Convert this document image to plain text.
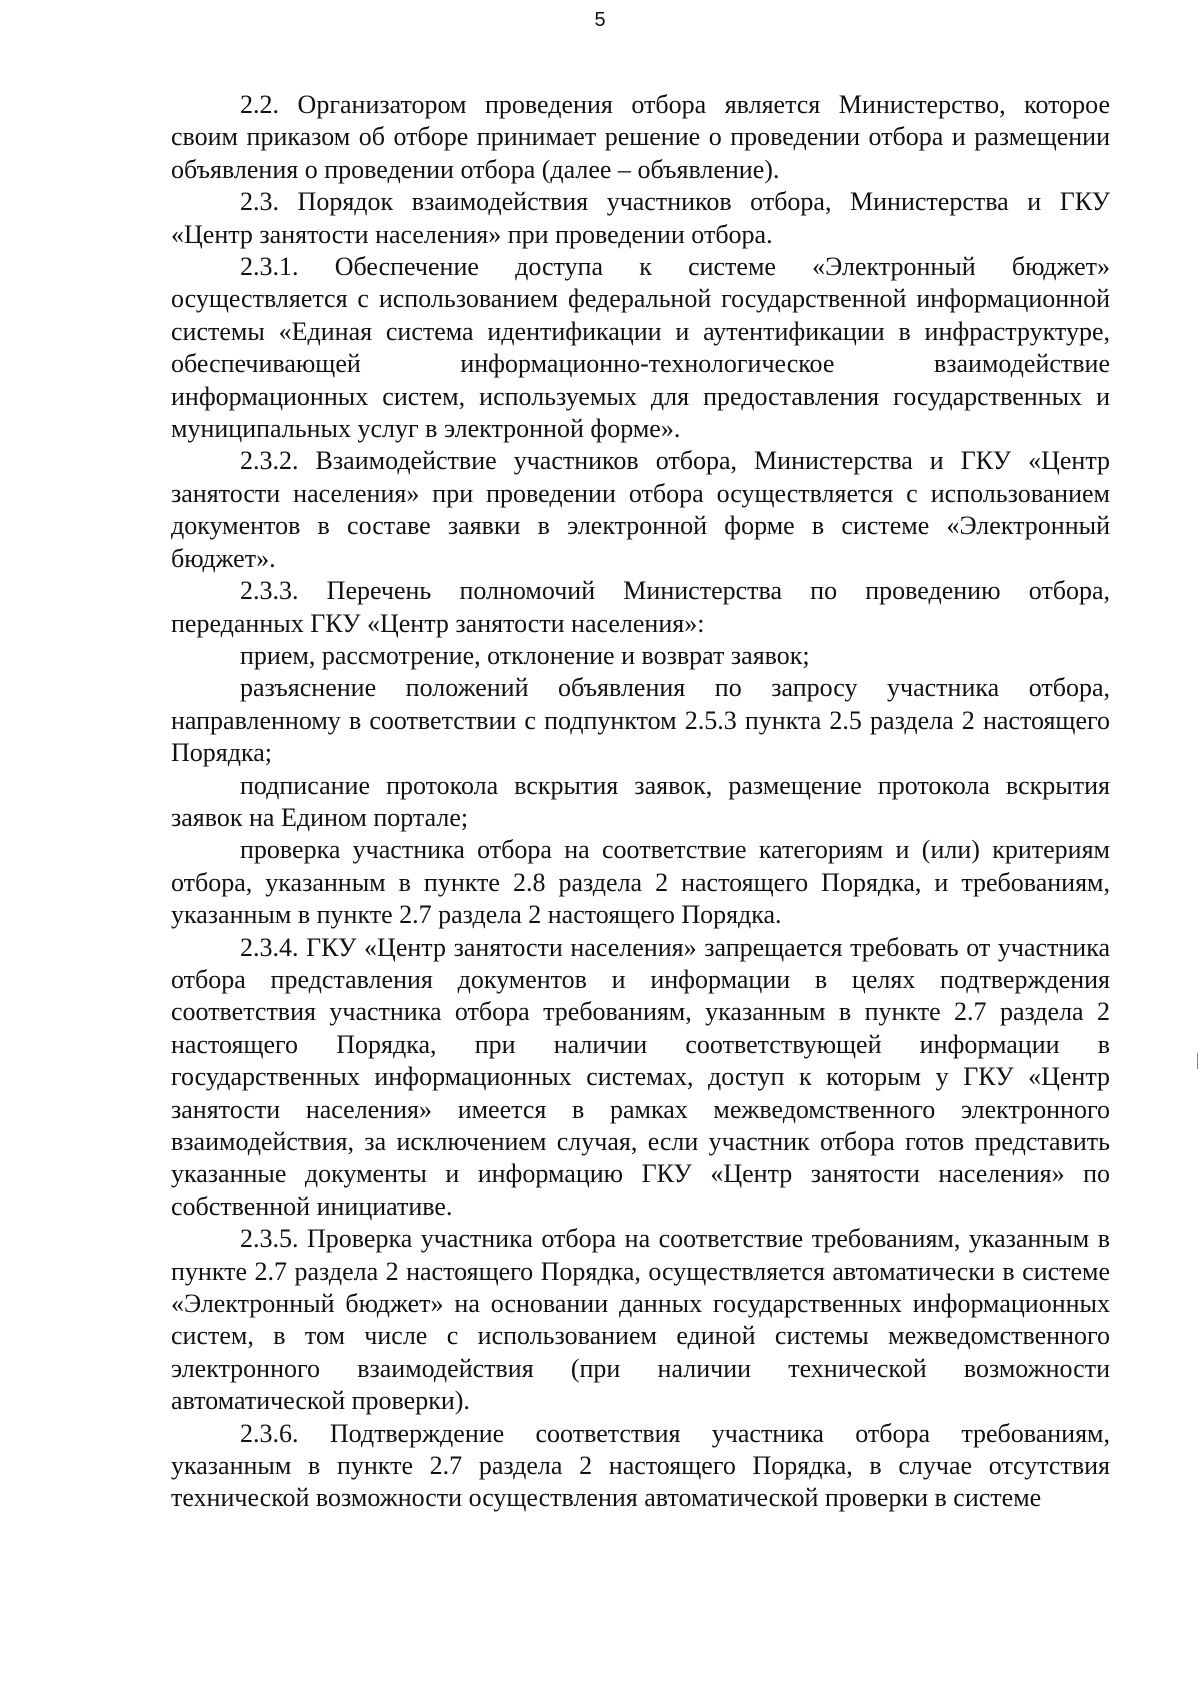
5

2.2. Организатором проведения отбора является Министерство, которое своим приказом об отборе принимает решение о проведении отбора и размещении объявления о проведении отбора (далее – объявление).

2.3. Порядок взаимодействия участников отбора, Министерства и ГКУ «Центр занятости населения» при проведении отбора.

2.3.1. Обеспечение доступа к системе «Электронный бюджет» осуществляется с использованием федеральной государственной информационной системы «Единая система идентификации и аутентификации в инфраструктуре, обеспечивающей информационно-технологическое взаимодействие информационных систем, используемых для предоставления государственных и муниципальных услуг в электронной форме».

2.3.2. Взаимодействие участников отбора, Министерства и ГКУ «Центр занятости населения» при проведении отбора осуществляется с использованием документов в составе заявки в электронной форме в системе «Электронный бюджет».

2.3.3. Перечень полномочий Министерства по проведению отбора, переданных ГКУ «Центр занятости населения»:

прием, рассмотрение, отклонение и возврат заявок;

разъяснение положений объявления по запросу участника отбора, направленному в соответствии с подпунктом 2.5.3 пункта 2.5 раздела 2 настоящего Порядка;

подписание протокола вскрытия заявок, размещение протокола вскрытия заявок на Едином портале;

проверка участника отбора на соответствие категориям и (или) критериям отбора, указанным в пункте 2.8 раздела 2 настоящего Порядка, и требованиям, указанным в пункте 2.7 раздела 2 настоящего Порядка.

2.3.4. ГКУ «Центр занятости населения» запрещается требовать от участника отбора представления документов и информации в целях подтверждения соответствия участника отбора требованиям, указанным в пункте 2.7 раздела 2 настоящего Порядка, при наличии соответствующей информации в государственных информационных системах, доступ к которым у ГКУ «Центр занятости населения» имеется в рамках межведомственного электронного взаимодействия, за исключением случая, если участник отбора готов представить указанные документы и информацию ГКУ «Центр занятости населения» по собственной инициативе.

2.3.5. Проверка участника отбора на соответствие требованиям, указанным в пункте 2.7 раздела 2 настоящего Порядка, осуществляется автоматически в системе «Электронный бюджет» на основании данных государственных информационных систем, в том числе с использованием единой системы межведомственного электронного взаимодействия (при наличии технической возможности автоматической проверки).

2.3.6. Подтверждение соответствия участника отбора требованиям, указанным в пункте 2.7 раздела 2 настоящего Порядка, в случае отсутствия технической возможности осуществления автоматической проверки в системе
